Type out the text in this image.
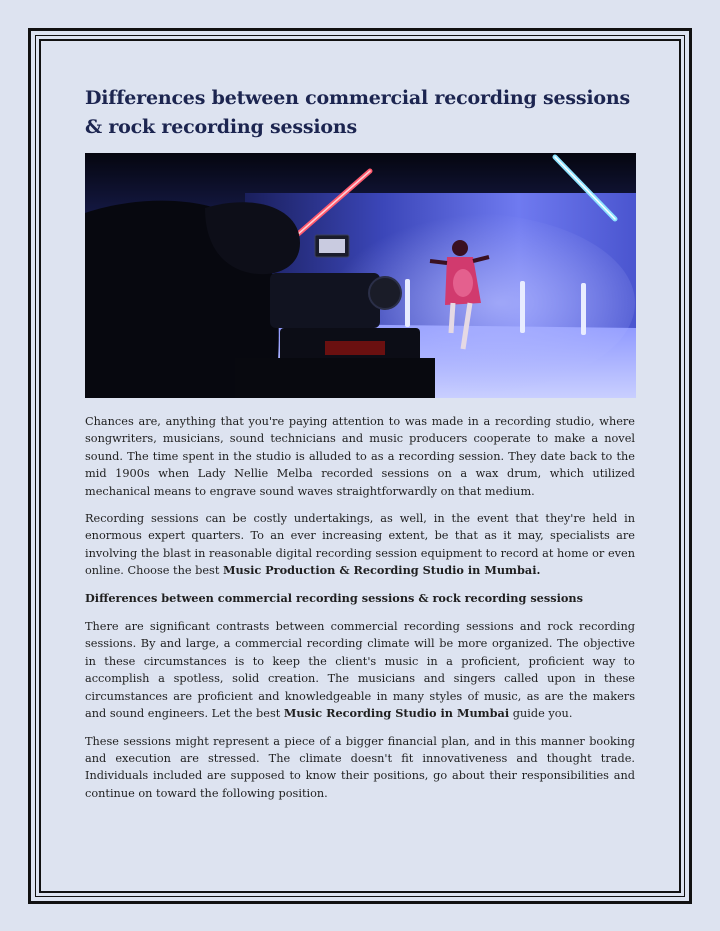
Differences between commercial recording sessions & rock recording sessions

Chances are, anything that you're paying attention to was made in a recording studio, where songwriters, musicians, sound technicians and music producers cooperate to make a novel sound. The time spent in the studio is alluded to as a recording session. They date back to the mid 1900s when Lady Nellie Melba recorded sessions on a wax drum, which utilized mechanical means to engrave sound waves straightforwardly on that medium.

Recording sessions can be costly undertakings, as well, in the event that they're held in enormous expert quarters. To an ever increasing extent, be that as it may, specialists are involving the blast in reasonable digital recording session equipment to record at home or even online. Choose the best Music Production & Recording Studio in Mumbai.

Differences between commercial recording sessions & rock recording sessions

There are significant contrasts between commercial recording sessions and rock recording sessions. By and large, a commercial recording climate will be more organized. The objective in these circumstances is to keep the client's music in a proficient, proficient way to accomplish a spotless, solid creation. The musicians and singers called upon in these circumstances are proficient and knowledgeable in many styles of music, as are the makers and sound engineers. Let the best Music Recording Studio in Mumbai guide you.

These sessions might represent a piece of a bigger financial plan, and in this manner booking and execution are stressed. The climate doesn't fit innovativeness and thought trade. Individuals included are supposed to know their positions, go about their responsibilities and continue on toward the following position.
